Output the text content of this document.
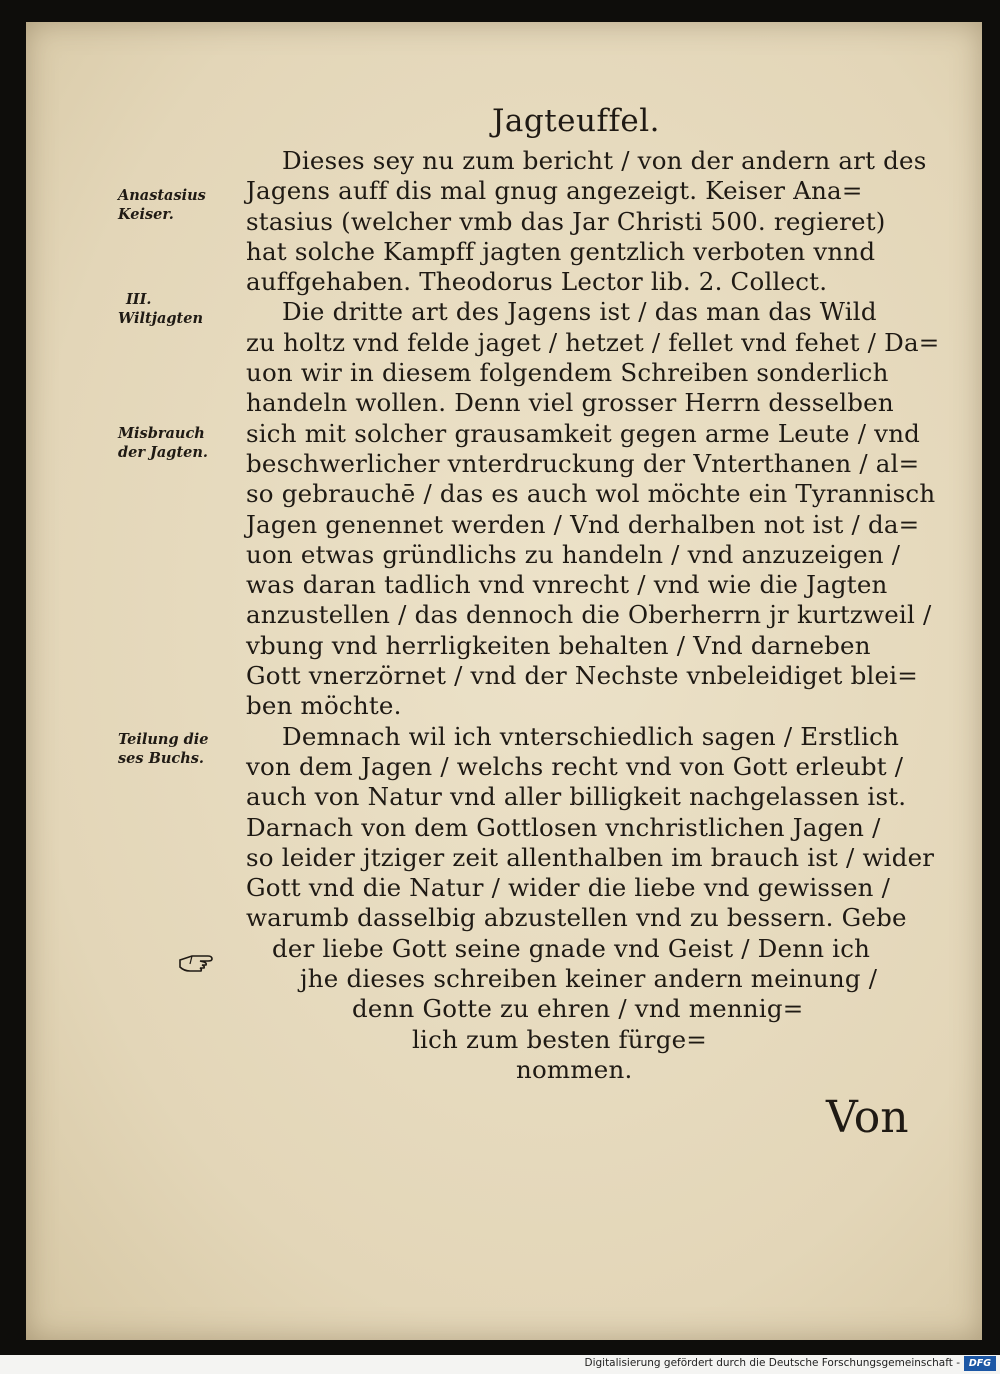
Jagteuffel.
Dieses sey nu zum bericht / von der andern art des
Jagens auff dis mal gnug angezeigt. Keiser Ana=
stasius (welcher vmb das Jar Christi 500. regieret)
hat solche Kampff jagten gentzlich verboten vnnd
auffgehaben. Theodorus Lector lib. 2. Collect.
Die dritte art des Jagens ist / das man das Wild
zu holtz vnd felde jaget / hetzet / fellet vnd fehet / Da=
uon wir in diesem folgendem Schreiben sonderlich
handeln wollen. Denn viel grosser Herrn desselben
sich mit solcher grausamkeit gegen arme Leute / vnd
beschwerlicher vnterdruckung der Vnterthanen / al=
so gebrauchē / das es auch wol möchte ein Tyrannisch
Jagen genennet werden / Vnd derhalben not ist / da=
uon etwas gründlichs zu handeln / vnd anzuzeigen /
was daran tadlich vnd vnrecht / vnd wie die Jagten
anzustellen / das dennoch die Oberherrn jr kurtzweil /
vbung vnd herrligkeiten behalten / Vnd darneben
Gott vnerzörnet / vnd der Nechste vnbeleidiget blei=
ben möchte.
Demnach wil ich vnterschiedlich sagen / Erstlich
von dem Jagen / welchs recht vnd von Gott erleubt /
auch von Natur vnd aller billigkeit nachgelassen ist.
Darnach von dem Gottlosen vnchristlichen Jagen /
so leider jtziger zeit allenthalben im brauch ist / wider
Gott vnd die Natur / wider die liebe vnd gewissen /
warumb dasselbig abzustellen vnd zu bessern. Gebe
der liebe Gott seine gnade vnd Geist / Denn ich
jhe dieses schreiben keiner andern meinung /
denn Gotte zu ehren / vnd mennig=
lich zum besten fürge=
nommen.
Anastasius
Keiser.
III.
Wiltjagten
Misbrauch
der Jagten.
Teilung die
ses Buchs.
Von
Digitalisierung gefördert durch die Deutsche Forschungsgemeinschaft - DFG
